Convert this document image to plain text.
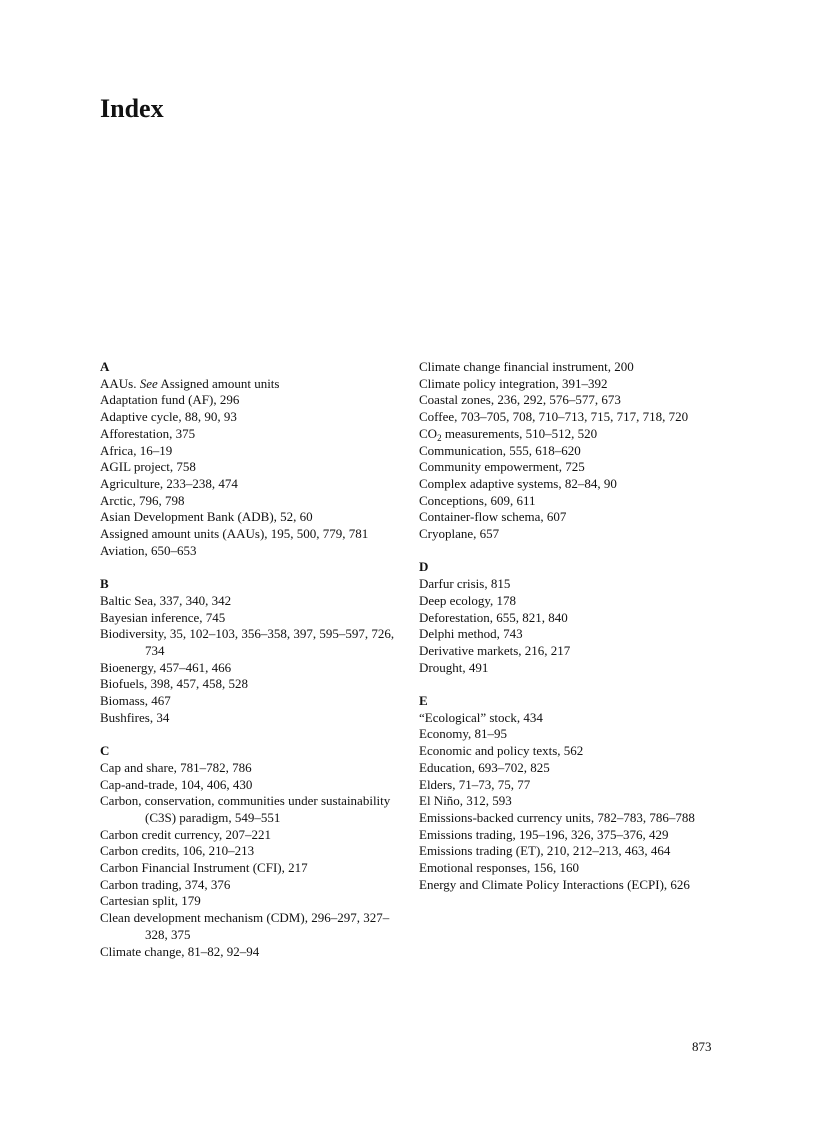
Index
A
AAUs. See Assigned amount units
Adaptation fund (AF), 296
Adaptive cycle, 88, 90, 93
Afforestation, 375
Africa, 16–19
AGIL project, 758
Agriculture, 233–238, 474
Arctic, 796, 798
Asian Development Bank (ADB), 52, 60
Assigned amount units (AAUs), 195, 500, 779, 781
Aviation, 650–653
B
Baltic Sea, 337, 340, 342
Bayesian inference, 745
Biodiversity, 35, 102–103, 356–358, 397, 595–597, 726, 734
Bioenergy, 457–461, 466
Biofuels, 398, 457, 458, 528
Biomass, 467
Bushfires, 34
C
Cap and share, 781–782, 786
Cap-and-trade, 104, 406, 430
Carbon, conservation, communities under sustainability (C3S) paradigm, 549–551
Carbon credit currency, 207–221
Carbon credits, 106, 210–213
Carbon Financial Instrument (CFI), 217
Carbon trading, 374, 376
Cartesian split, 179
Clean development mechanism (CDM), 296–297, 327–328, 375
Climate change, 81–82, 92–94
Climate change financial instrument, 200
Climate policy integration, 391–392
Coastal zones, 236, 292, 576–577, 673
Coffee, 703–705, 708, 710–713, 715, 717, 718, 720
$CO_2$ measurements, 510–512, 520
Communication, 555, 618–620
Community empowerment, 725
Complex adaptive systems, 82–84, 90
Conceptions, 609, 611
Container-flow schema, 607
Cryoplane, 657
D
Darfur crisis, 815
Deep ecology, 178
Deforestation, 655, 821, 840
Delphi method, 743
Derivative markets, 216, 217
Drought, 491
E
“Ecological” stock, 434
Economy, 81–95
Economic and policy texts, 562
Education, 693–702, 825
Elders, 71–73, 75, 77
El Niño, 312, 593
Emissions-backed currency units, 782–783, 786–788
Emissions trading, 195–196, 326, 375–376, 429
Emissions trading (ET), 210, 212–213, 463, 464
Emotional responses, 156, 160
Energy and Climate Policy Interactions (ECPI), 626
873
